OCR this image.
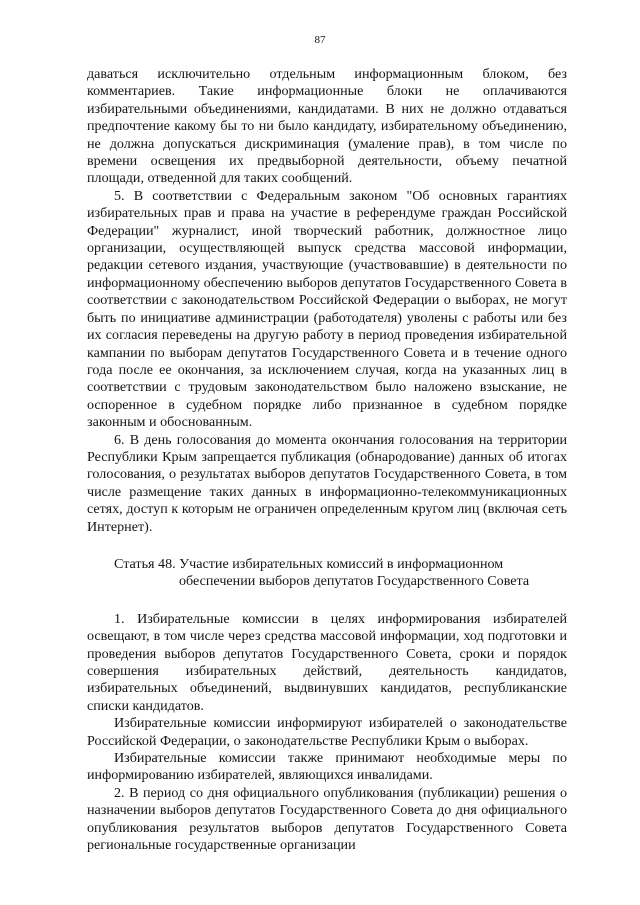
87

даваться исключительно отдельным информационным блоком, без комментариев. Такие информационные блоки не оплачиваются избирательными объединениями, кандидатами. В них не должно отдаваться предпочтение какому бы то ни было кандидату, избирательному объединению, не должна допускаться дискриминация (умаление прав), в том числе по времени освещения их предвыборной деятельности, объему печатной площади, отведенной для таких сообщений.

5. В соответствии с Федеральным законом "Об основных гарантиях избирательных прав и права на участие в референдуме граждан Российской Федерации" журналист, иной творческий работник, должностное лицо организации, осуществляющей выпуск средства массовой информации, редакции сетевого издания, участвующие (участвовавшие) в деятельности по информационному обеспечению выборов депутатов Государственного Совета в соответствии с законодательством Российской Федерации о выборах, не могут быть по инициативе администрации (работодателя) уволены с работы или без их согласия переведены на другую работу в период проведения избирательной кампании по выборам депутатов Государственного Совета и в течение одного года после ее окончания, за исключением случая, когда на указанных лиц в соответствии с трудовым законодательством было наложено взыскание, не оспоренное в судебном порядке либо признанное в судебном порядке законным и обоснованным.

6. В день голосования до момента окончания голосования на территории Республики Крым запрещается публикация (обнародование) данных об итогах голосования, о результатах выборов депутатов Государственного Совета, в том числе размещение таких данных в информационно-телекоммуникационных сетях, доступ к которым не ограничен определенным кругом лиц (включая сеть Интернет).

Статья 48. Участие избирательных комиссий в информационном
обеспечении выборов депутатов Государственного Совета

1. Избирательные комиссии в целях информирования избирателей освещают, в том числе через средства массовой информации, ход подготовки и проведения выборов депутатов Государственного Совета, сроки и порядок совершения избирательных действий, деятельность кандидатов, избирательных объединений, выдвинувших кандидатов, республиканские списки кандидатов.

Избирательные комиссии информируют избирателей о законодательстве Российской Федерации, о законодательстве Республики Крым о выборах.

Избирательные комиссии также принимают необходимые меры по информированию избирателей, являющихся инвалидами.

2. В период со дня официального опубликования (публикации) решения о назначении выборов депутатов Государственного Совета до дня официального опубликования результатов выборов депутатов Государственного Совета региональные государственные организации
